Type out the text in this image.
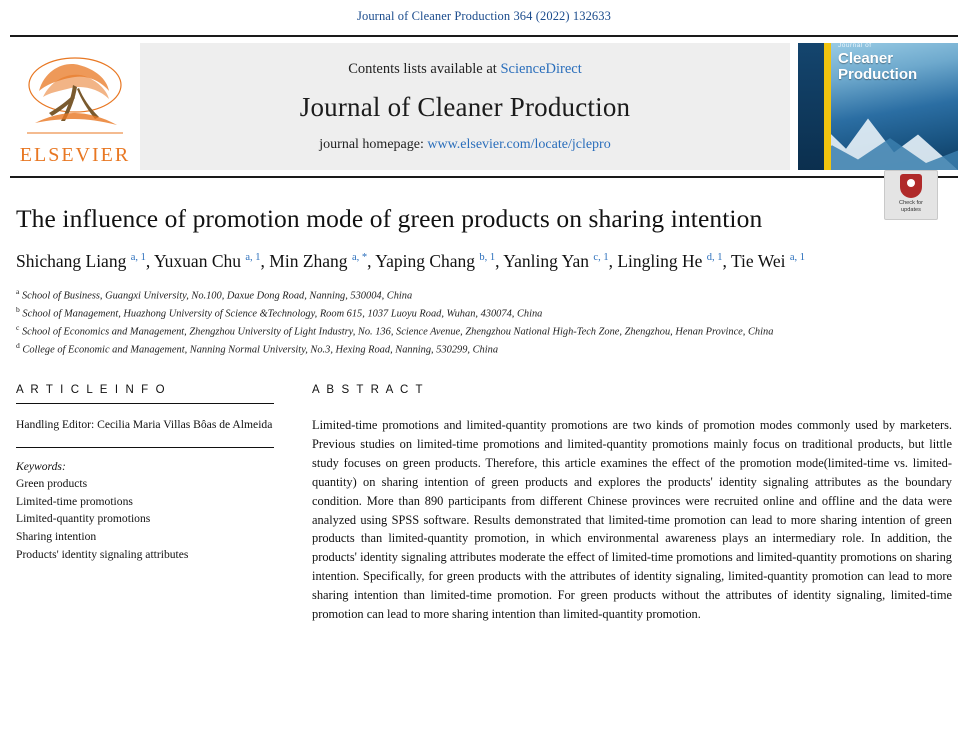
Journal of Cleaner Production 364 (2022) 132633
ELSEVIER
Contents lists available at ScienceDirect
Journal of Cleaner Production
journal homepage: www.elsevier.com/locate/jclepro
Journal of
Cleaner Production
The influence of promotion mode of green products on sharing intention
Check for
updates
Shichang Liang $^{a, 1}$, Yuxuan Chu $^{a, 1}$, Min Zhang $^{a, *}$, Yaping Chang $^{b, 1}$, Yanling Yan $^{c, 1}$, Lingling He $^{d, 1}$, Tie Wei $^{a, 1}$
$^a$ School of Business, Guangxi University, No.100, Daxue Dong Road, Nanning, 530004, China
$^b$ School of Management, Huazhong University of Science &Technology, Room 615, 1037 Luoyu Road, Wuhan, 430074, China
$^c$ School of Economics and Management, Zhengzhou University of Light Industry, No. 136, Science Avenue, Zhengzhou National High-Tech Zone, Zhengzhou, Henan Province, China
$^d$ College of Economic and Management, Nanning Normal University, No.3, Hexing Road, Nanning, 530299, China
A R T I C L E I N F O
Handling Editor: Cecilia Maria Villas Bôas de Almeida
Keywords:
Green products
Limited-time promotions
Limited-quantity promotions
Sharing intention
Products' identity signaling attributes
A B S T R A C T
Limited-time promotions and limited-quantity promotions are two kinds of promotion modes commonly used by marketers. Previous studies on limited-time promotions and limited-quantity promotions mainly focus on traditional products, but little study focuses on green products. Therefore, this article examines the effect of the promotion mode(limited-time vs. limited-quantity) on sharing intention of green products and explores the products' identity signaling attributes as the boundary condition. More than 890 participants from different Chinese provinces were recruited online and offline and the data were analyzed using SPSS software. Results demonstrated that limited-time promotion can lead to more sharing intention of green products than limited-quantity promotion, in which environmental awareness plays an intermediary role. In addition, the products' identity signaling attributes moderate the effect of limited-time promotions and limited-quantity promotions on sharing intention. Specifically, for green products with the attributes of identity signaling, limited-quantity promotion can lead to more sharing intention than limited-time promotion. For green products without the attributes of identity signaling, limited-time promotion can lead to more sharing intention than limited-quantity promotion.
